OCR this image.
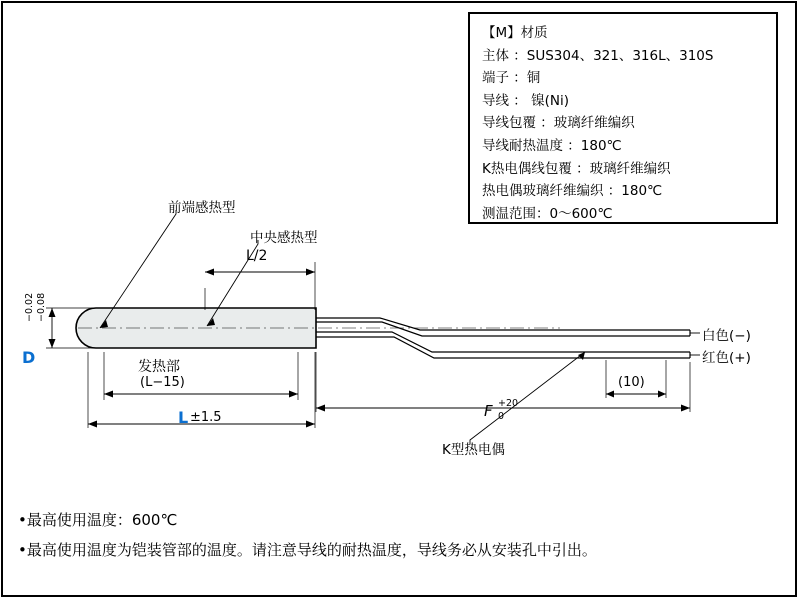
【M】材质
主体 ：SUS304、321、316L、310S
端子 ：铜
导线 ： 镍(Ni)
导线包覆 ：玻璃纤维编织
导线耐热温度 ：180℃
K热电偶线包覆 ：玻璃纤维编织
热电偶玻璃纤维编织 ：180℃
测温范围：0～600℃
前端感热型
中央感热型
L/2
发热部
(L−15)
L ±1.5
D
−0.02 −0.08
F +20
0
(10)
K型热电偶
白色(−)
红色(+)
•最高使用温度：600℃
•最高使用温度为铠装管部的温度。请注意导线的耐热温度，导线务必从安装孔中引出。
